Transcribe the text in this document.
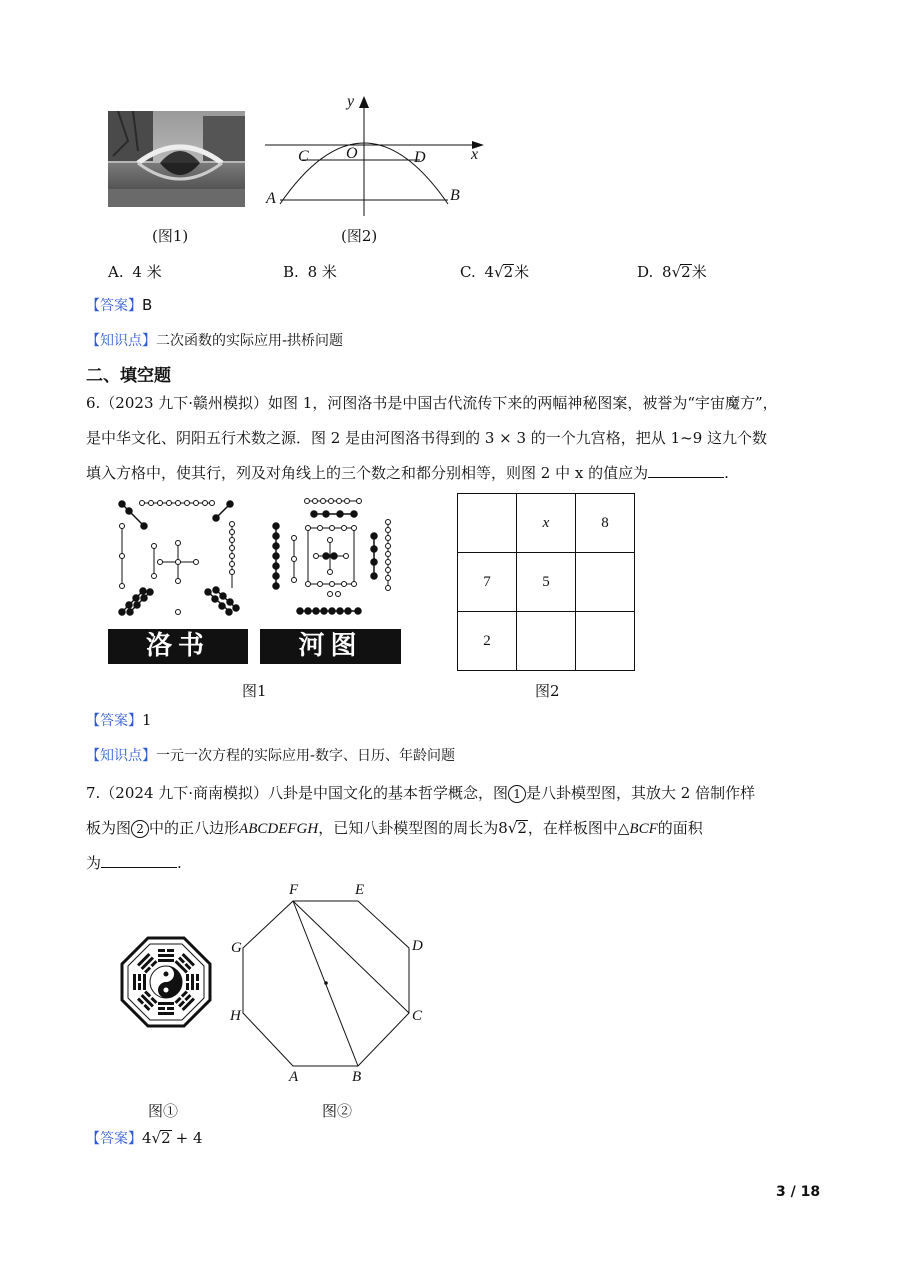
y
x
O
C	D
A	B
(图1)	(图2)
A. 4 米	B. 8 米	C. 4√2米	D. 8√2米
【答案】B
【知识点】二次函数的实际应用-拱桥问题
二、填空题
6.（2023 九下·赣州模拟）如图 1，河图洛书是中国古代流传下来的两幅神秘图案，被誉为“宇宙魔方”，
是中华文化、阴阳五行术数之源．图 2 是由河图洛书得到的 3 × 3 的一个九宫格，把从 1~9 这九个数
填入方格中，使其行，列及对角线上的三个数之和都分别相等，则图 2 中 x 的值应为	.
洛书	河图
	x	8
7	5	
2		
图1	图2
【答案】1
【知识点】一元一次方程的实际应用-数字、日历、年龄问题
7.（2024 九下·商南模拟）八卦是中国文化的基本哲学概念，图 1 是八卦模型图，其放大 2 倍制作样
板为图 2 中的正八边形ABCDEFGH，已知八卦模型图的周长为8√2，在样板图中△BCF的面积
为	.
F	E
G	D
H	C
A	B
图①	图②
【答案】4√2 + 4
3 / 18
